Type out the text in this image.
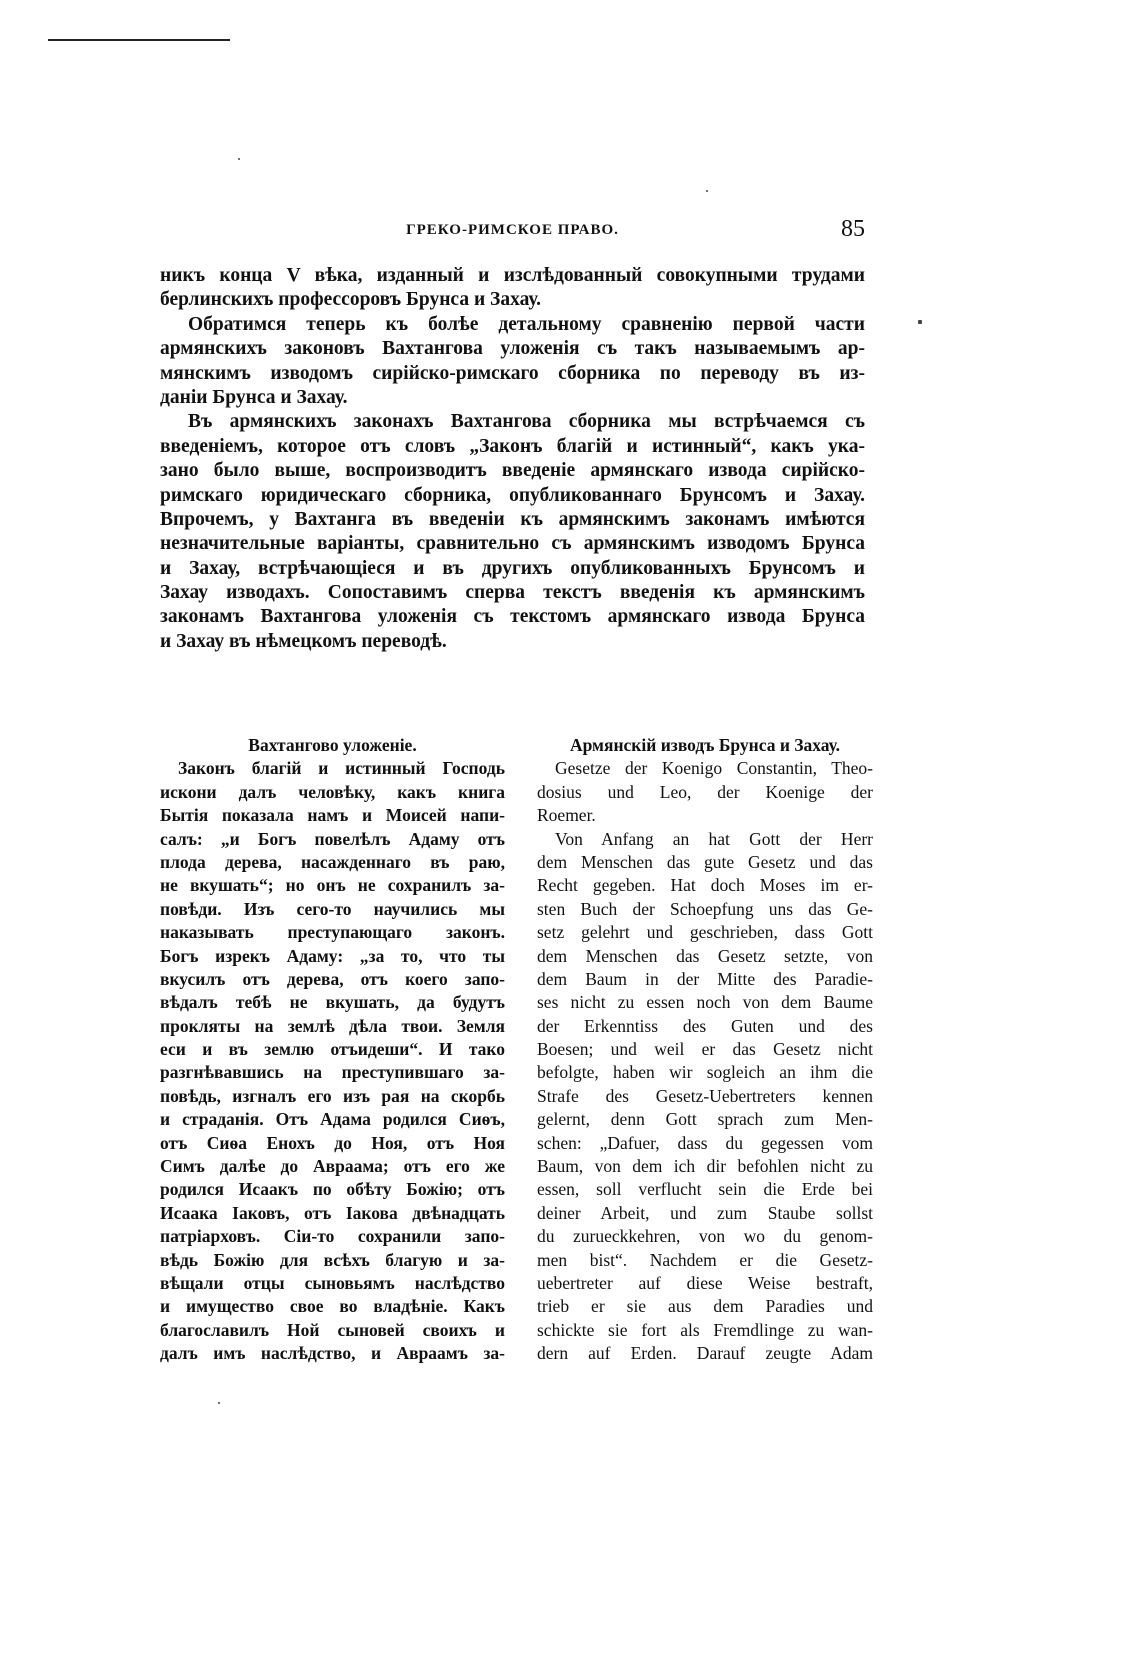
ГРЕКО-РИМСКОЕ ПРАВО.	85
никъ конца V вѣка, изданный и изслѣдованный совокупными трудами
берлинскихъ профессоровъ Брунса и Захау.
Обратимся теперь къ болѣе детальному сравненію первой части
армянскихъ законовъ Вахтангова уложенія съ такъ называемымъ ар-
мянскимъ изводомъ сирійско-римскаго сборника по переводу въ из-
даніи Брунса и Захау.
Въ армянскихъ законахъ Вахтангова сборника мы встрѣчаемся съ
введеніемъ, которое отъ словъ „Законъ благій и истинный“, какъ ука-
зано было выше, воспроизводитъ введеніе армянскаго извода сирійско-
римскаго юридическаго сборника, опубликованнаго Брунсомъ и Захау.
Впрочемъ, у Вахтанга въ введеніи къ армянскимъ законамъ имѣются
незначительные варіанты, сравнительно съ армянскимъ изводомъ Брунса
и Захау, встрѣчающіеся и въ другихъ опубликованныхъ Брунсомъ и
Захау изводахъ. Сопоставимъ сперва текстъ введенія къ армянскимъ
законамъ Вахтангова уложенія съ текстомъ армянскаго извода Брунса
и Захау въ нѣмецкомъ переводѣ.
Вахтангово уложеніе.
Законъ благій и истинный Господь
искони далъ человѣку, какъ книга
Бытія показала намъ и Моисей напи-
салъ: „и Богъ повелѣлъ Адаму отъ
плода дерева, насажденнаго въ раю,
не вкушать“; но онъ не сохранилъ за-
повѣди. Изъ сего-то научились мы
наказывать преступающаго законъ.
Богъ изрекъ Адаму: „за то, что ты
вкусилъ отъ дерева, отъ коего запо-
вѣдалъ тебѣ не вкушать, да будутъ
прокляты на землѣ дѣла твои. Земля
еси и въ землю отъидеши“. И тако
разгнѣвавшись на преступившаго за-
повѣдь, изгналъ его изъ рая на скорбь
и страданія. Отъ Адама родился Сиѳъ,
отъ Сиѳа Енохъ до Ноя, отъ Ноя
Симъ далѣе до Авраама; отъ его же
родился Исаакъ по обѣту Божію; отъ
Исаака Іаковъ, отъ Іакова двѣнадцать
патріарховъ. Сіи-то сохранили запо-
вѣдь Божію для всѣхъ благую и за-
вѣщали отцы сыновьямъ наслѣдство
и имущество свое во владѣніе. Какъ
благославилъ Ной сыновей своихъ и
далъ имъ наслѣдство, и Авраамъ за-
Армянскій изводъ Брунса и Захау.
Gesetze der Koenigo Constantin, Theo-
dosius und Leo, der Koenige der
Roemer.
Von Anfang an hat Gott der Herr
dem Menschen das gute Gesetz und das
Recht gegeben. Hat doch Moses im er-
sten Buch der Schoepfung uns das Ge-
setz gelehrt und geschrieben, dass Gott
dem Menschen das Gesetz setzte, von
dem Baum in der Mitte des Paradie-
ses nicht zu essen noch von dem Baume
der Erkenntiss des Guten und des
Boesen; und weil er das Gesetz nicht
befolgte, haben wir sogleich an ihm die
Strafe des Gesetz-Uebertreters kennen
gelernt, denn Gott sprach zum Men-
schen: „Dafuer, dass du gegessen vom
Baum, von dem ich dir befohlen nicht zu
essen, soll verflucht sein die Erde bei
deiner Arbeit, und zum Staube sollst
du zurueckkehren, von wo du genom-
men bist“. Nachdem er die Gesetz-
uebertreter auf diese Weise bestraft,
trieb er sie aus dem Paradies und
schickte sie fort als Fremdlinge zu wan-
dern auf Erden. Darauf zeugte Adam
